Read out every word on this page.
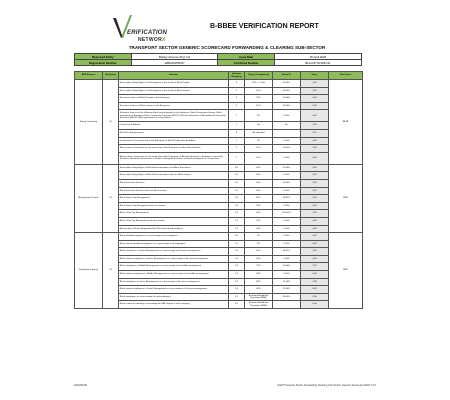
ERIFICATION
NETWORX
B-BBEE VERIFICATION REPORT
TRANSPORT SECTOR GENERIC SCORECARD FORWARDING & CLEARING SUB-SECTOR
Measured Entity	Boltsg Universe (Pty) Ltd	Issue Date	06 April 2020
Registration Number	1986/002555/07	Certificate Number	BLG/CF/TS/1051/11
BEE Element	Weighting	Indicator	Indicator Weighting	Target (Compliance)	Actual %	Score	Total Score
Equity Ownership	25	Exercisable Voting Rights in the Enterprise in the hands of Black People	4	25% + 1 vote	50.00%	4.00	20.15
		Exercisable Voting Rights in the Enterprise in the hands of Black women	2	10%	30.00%	2.00	
		Economic Interest of Black People in the Enterprise	4	25%	50.00%	4.00	
		Economic Interest of Black women in the Enterprise	2	10%	30.00%	2.00	
		Economic Interest of the following black natural people in the Enterprise: Black Designated Groups; Black participants in Employee Share Ownership Programs (ESOP); Black beneficiaries of Broad-Based Ownership Schemes (BBOS); Black participants in co-operatives	1	3%	0.00%	0.00	
		Ownership Fulfilment	1	Yes	Yes	1.00	
		Net Value Equity Interest	8	As indicated		5.15	
		Involvement in the ownership of the Enterprise of black People with disabilities	1	2%	0.00%	0.00	
		Bonus points: Involvement in the ownership of the Enterprise of black New Entrants	2	10%	20.00%	2.00	
		Bonus points: Involvement in the ownership of the Enterprise of Black Participants in Employee Ownership Schemes, Broad-based schemes or Public or Nonprofit Schemes, or Black participants in co-operatives	1	10%	0.00%	0.00	
Management Control	19	Exercisable Voting Rights of Black Board members and Black Executives	3.0	50%	50.00%	3.00	8.76
		Exercisable Voting Rights of Black Board members who are Black women	2.0	25%	0.00%	0.00	
		Black Executive Directors	2.0	50%	50.00%	2.00	
		Black Executive Directors who are Black women	1.0	25%	0.00%	0.00	
		Black Senior Top Management	2.0	60%	66.67%	2.00	
		Black Senior Top Management who are women	1.0	30%	0.00%	0.00	
		Black Other Top Management	2.0	60%	100.00%	2.00	
		Black Other Top Management who are women	1.0	30%	0.00%	0.00	
		Bonus points: Black Independent Non-Executive Board members	1.0	40%	0.00%	0.00	
Employment Equity	18	Black disabled employees as a percentage of all employees	2.0	2%	0.00%	0.00	8.37
		Black women disabled employees as a percentage of all employees	1.0	2%	1.10%	0.55	
		Black employees in Senior Management as a percentage of all senior management	2.0	60%	66.67%	2.00	
		Black women employees in Senior Management as a percentage of all senior management	1.0	30%	0.00%	0.00	
		Black employees in Middle Management as a percentage of all middle management	2.0	75%	50.00%	1.33	
		Black women employees in Middle Management as a percentage of all middle management	1.0	38%	0.00%	0.00	
		Black employees in Junior Management as a percentage of all junior management	2.0	80%	75.00%	1.88	
		Black women employees in Junior Management as a percentage of all junior management	1.0	40%	25.00%	0.63	
		Black employees as a percentage of total employees	2.0	Economically Active Population (EAP)	90.00%	2.00	
		Bonus points for meeting or exceeding the EAP targets in each category	3.0	Economically Active Population (EAP)		0.00	
2020/04/06	OHW Transport Sector Forwarding Clearing Sub-Sector Generic Scorecard 2020 V1.0
